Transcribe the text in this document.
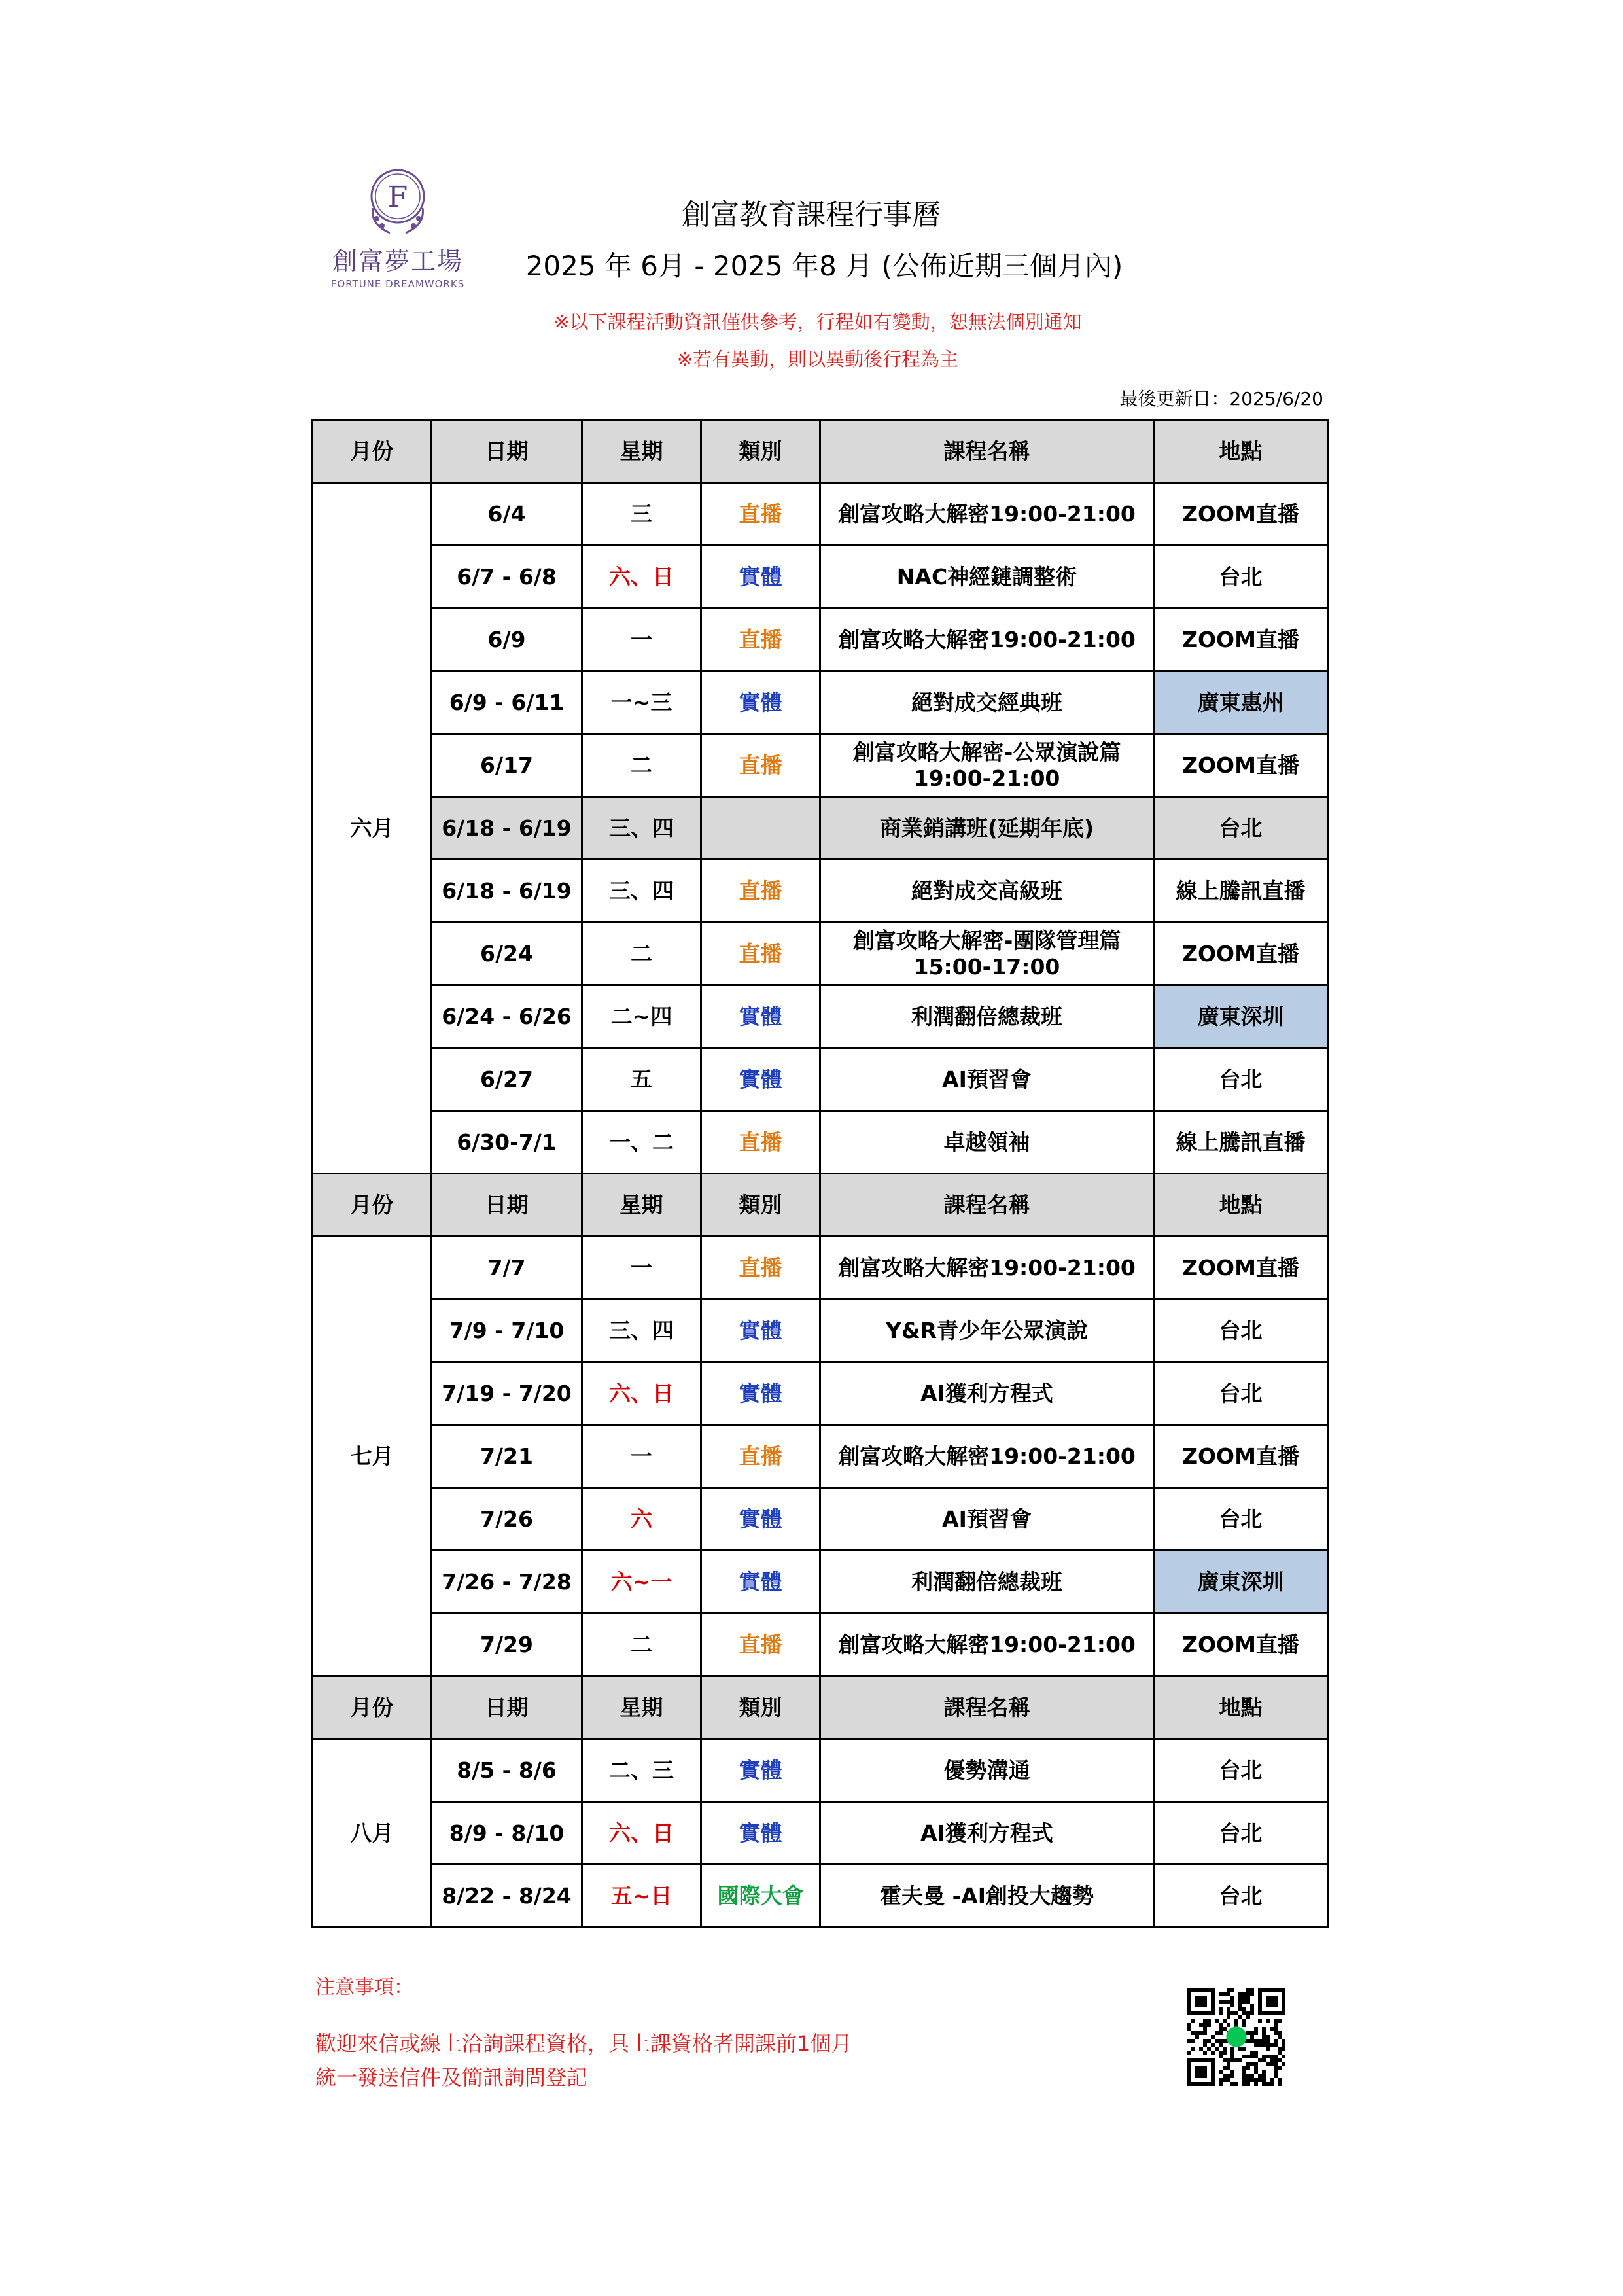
F
創富夢工場
FORTUNE DREAMWORKS
創富教育課程行事曆
2025 年 6月 - 2025 年8 月 (公佈近期三個月內)
※以下課程活動資訊僅供參考，行程如有變動，恕無法個別通知
※若有異動，則以異動後行程為主
最後更新日：2025/6/20
月份	日期	星期	類別	課程名稱	地點
六月	6/4	三	直播	創富攻略大解密19:00-21:00	ZOOM直播
	6/7 - 6/8	六、日	實體	NAC神經鏈調整術	台北
	6/9	一	直播	創富攻略大解密19:00-21:00	ZOOM直播
	6/9 - 6/11	一~三	實體	絕對成交經典班	廣東惠州
	6/17	二	直播	創富攻略大解密-公眾演說篇 19:00-21:00	ZOOM直播
	6/18 - 6/19	三、四		商業銷講班(延期年底)	台北
	6/18 - 6/19	三、四	直播	絕對成交高級班	線上騰訊直播
	6/24	二	直播	創富攻略大解密-團隊管理篇 15:00-17:00	ZOOM直播
	6/24 - 6/26	二~四	實體	利潤翻倍總裁班	廣東深圳
	6/27	五	實體	AI預習會	台北
	6/30-7/1	一、二	直播	卓越領袖	線上騰訊直播
月份	日期	星期	類別	課程名稱	地點
七月	7/7	一	直播	創富攻略大解密19:00-21:00	ZOOM直播
	7/9 - 7/10	三、四	實體	Y&R青少年公眾演說	台北
	7/19 - 7/20	六、日	實體	AI獲利方程式	台北
	7/21	一	直播	創富攻略大解密19:00-21:00	ZOOM直播
	7/26	六	實體	AI預習會	台北
	7/26 - 7/28	六~一	實體	利潤翻倍總裁班	廣東深圳
	7/29	二	直播	創富攻略大解密19:00-21:00	ZOOM直播
月份	日期	星期	類別	課程名稱	地點
八月	8/5 - 8/6	二、三	實體	優勢溝通	台北
	8/9 - 8/10	六、日	實體	AI獲利方程式	台北
	8/22 - 8/24	五~日	國際大會	霍夫曼 -AI創投大趨勢	台北
注意事項：
歡迎來信或線上洽詢課程資格，具上課資格者開課前1個月
統一發送信件及簡訊詢問登記
